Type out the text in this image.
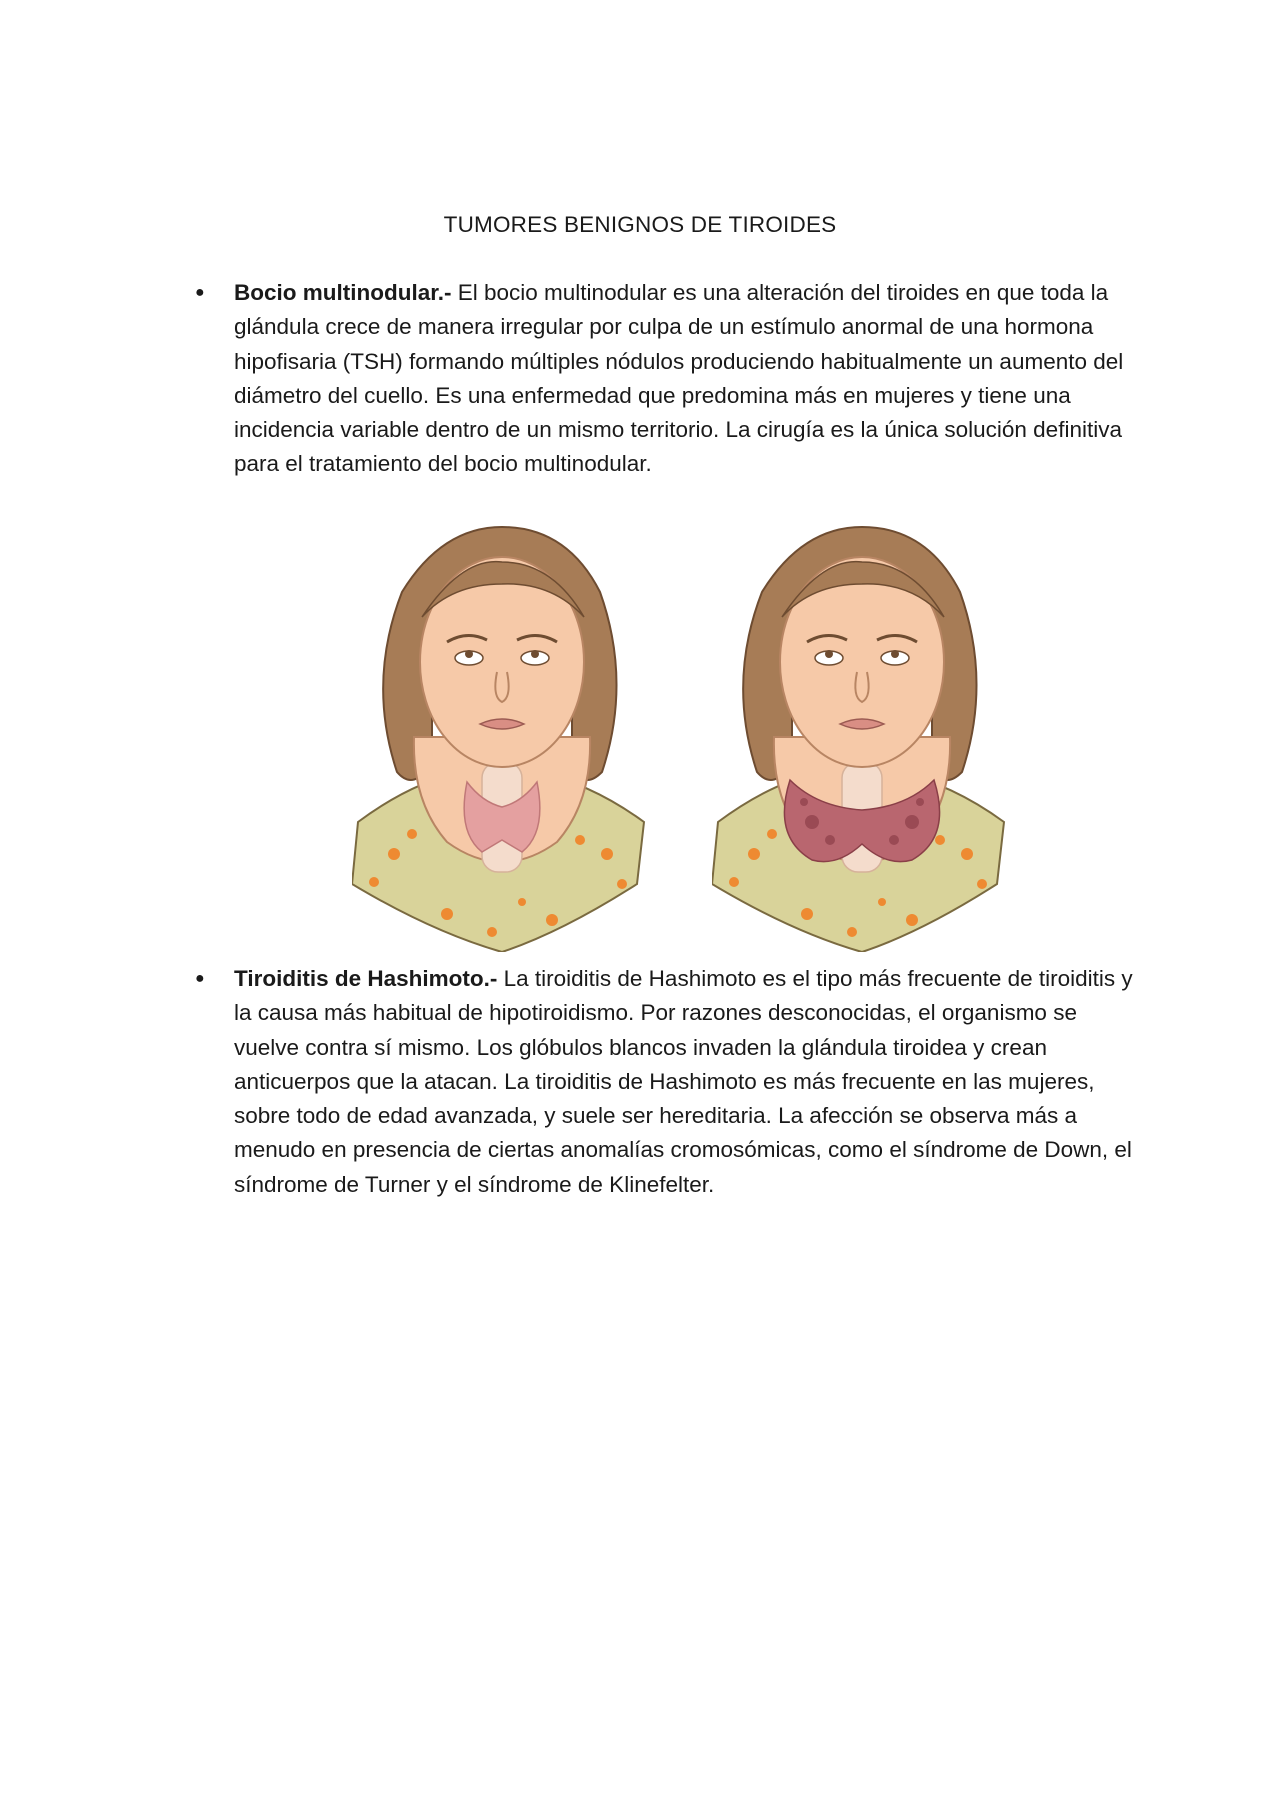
TUMORES BENIGNOS DE TIROIDES

● Bocio multinodular.- El bocio multinodular es una alteración del tiroides en que toda la glándula crece de manera irregular por culpa de un estímulo anormal de una hormona hipofisaria (TSH) formando múltiples nódulos produciendo habitualmente un aumento del diámetro del cuello. Es una enfermedad que predomina más en mujeres y tiene una incidencia variable dentro de un mismo territorio. La cirugía es la única solución definitiva para el tratamiento del bocio multinodular.

● Tiroiditis de Hashimoto.- La tiroiditis de Hashimoto es el tipo más frecuente de tiroiditis y la causa más habitual de hipotiroidismo. Por razones desconocidas, el organismo se vuelve contra sí mismo. Los glóbulos blancos invaden la glándula tiroidea y crean anticuerpos que la atacan. La tiroiditis de Hashimoto es más frecuente en las mujeres, sobre todo de edad avanzada, y suele ser hereditaria. La afección se observa más a menudo en presencia de ciertas anomalías cromosómicas, como el síndrome de Down, el síndrome de Turner y el síndrome de Klinefelter.
